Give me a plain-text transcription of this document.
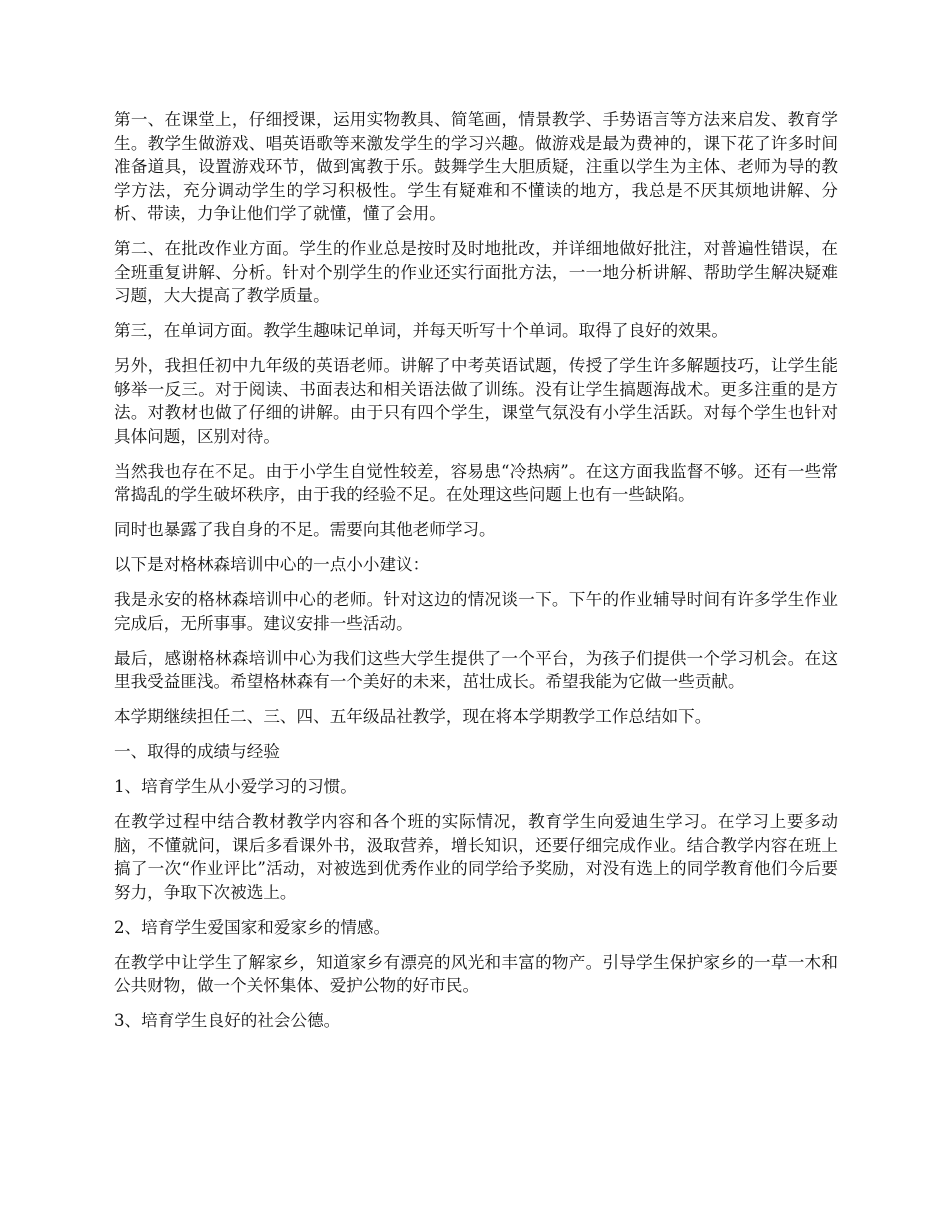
第一、在课堂上，仔细授课，运用实物教具、简笔画，情景教学、手势语言等方法来启发、教育学生。教学生做游戏、唱英语歌等来激发学生的学习兴趣。做游戏是最为费神的，课下花了许多时间准备道具，设置游戏环节，做到寓教于乐。鼓舞学生大胆质疑，注重以学生为主体、老师为导的教学方法，充分调动学生的学习积极性。学生有疑难和不懂读的地方，我总是不厌其烦地讲解、分析、带读，力争让他们学了就懂，懂了会用。

第二、在批改作业方面。学生的作业总是按时及时地批改，并详细地做好批注，对普遍性错误，在全班重复讲解、分析。针对个别学生的作业还实行面批方法，一一地分析讲解、帮助学生解决疑难习题，大大提高了教学质量。

第三，在单词方面。教学生趣味记单词，并每天听写十个单词。取得了良好的效果。

另外，我担任初中九年级的英语老师。讲解了中考英语试题，传授了学生许多解题技巧，让学生能够举一反三。对于阅读、书面表达和相关语法做了训练。没有让学生搞题海战术。更多注重的是方法。对教材也做了仔细的讲解。由于只有四个学生，课堂气氛没有小学生活跃。对每个学生也针对具体问题，区别对待。

当然我也存在不足。由于小学生自觉性较差，容易患“冷热病”。在这方面我监督不够。还有一些常常捣乱的学生破坏秩序，由于我的经验不足。在处理这些问题上也有一些缺陷。

同时也暴露了我自身的不足。需要向其他老师学习。

以下是对格林森培训中心的一点小小建议：

我是永安的格林森培训中心的老师。针对这边的情况谈一下。下午的作业辅导时间有许多学生作业完成后，无所事事。建议安排一些活动。

最后，感谢格林森培训中心为我们这些大学生提供了一个平台，为孩子们提供一个学习机会。在这里我受益匪浅。希望格林森有一个美好的未来，茁壮成长。希望我能为它做一些贡献。

本学期继续担任二、三、四、五年级品社教学，现在将本学期教学工作总结如下。

一、取得的成绩与经验

1、培育学生从小爱学习的习惯。

在教学过程中结合教材教学内容和各个班的实际情况，教育学生向爱迪生学习。在学习上要多动脑，不懂就问，课后多看课外书，汲取营养，增长知识，还要仔细完成作业。结合教学内容在班上搞了一次“作业评比”活动，对被选到优秀作业的同学给予奖励，对没有选上的同学教育他们今后要努力，争取下次被选上。

2、培育学生爱国家和爱家乡的情感。

在教学中让学生了解家乡，知道家乡有漂亮的风光和丰富的物产。引导学生保护家乡的一草一木和公共财物，做一个关怀集体、爱护公物的好市民。

3、培育学生良好的社会公德。
